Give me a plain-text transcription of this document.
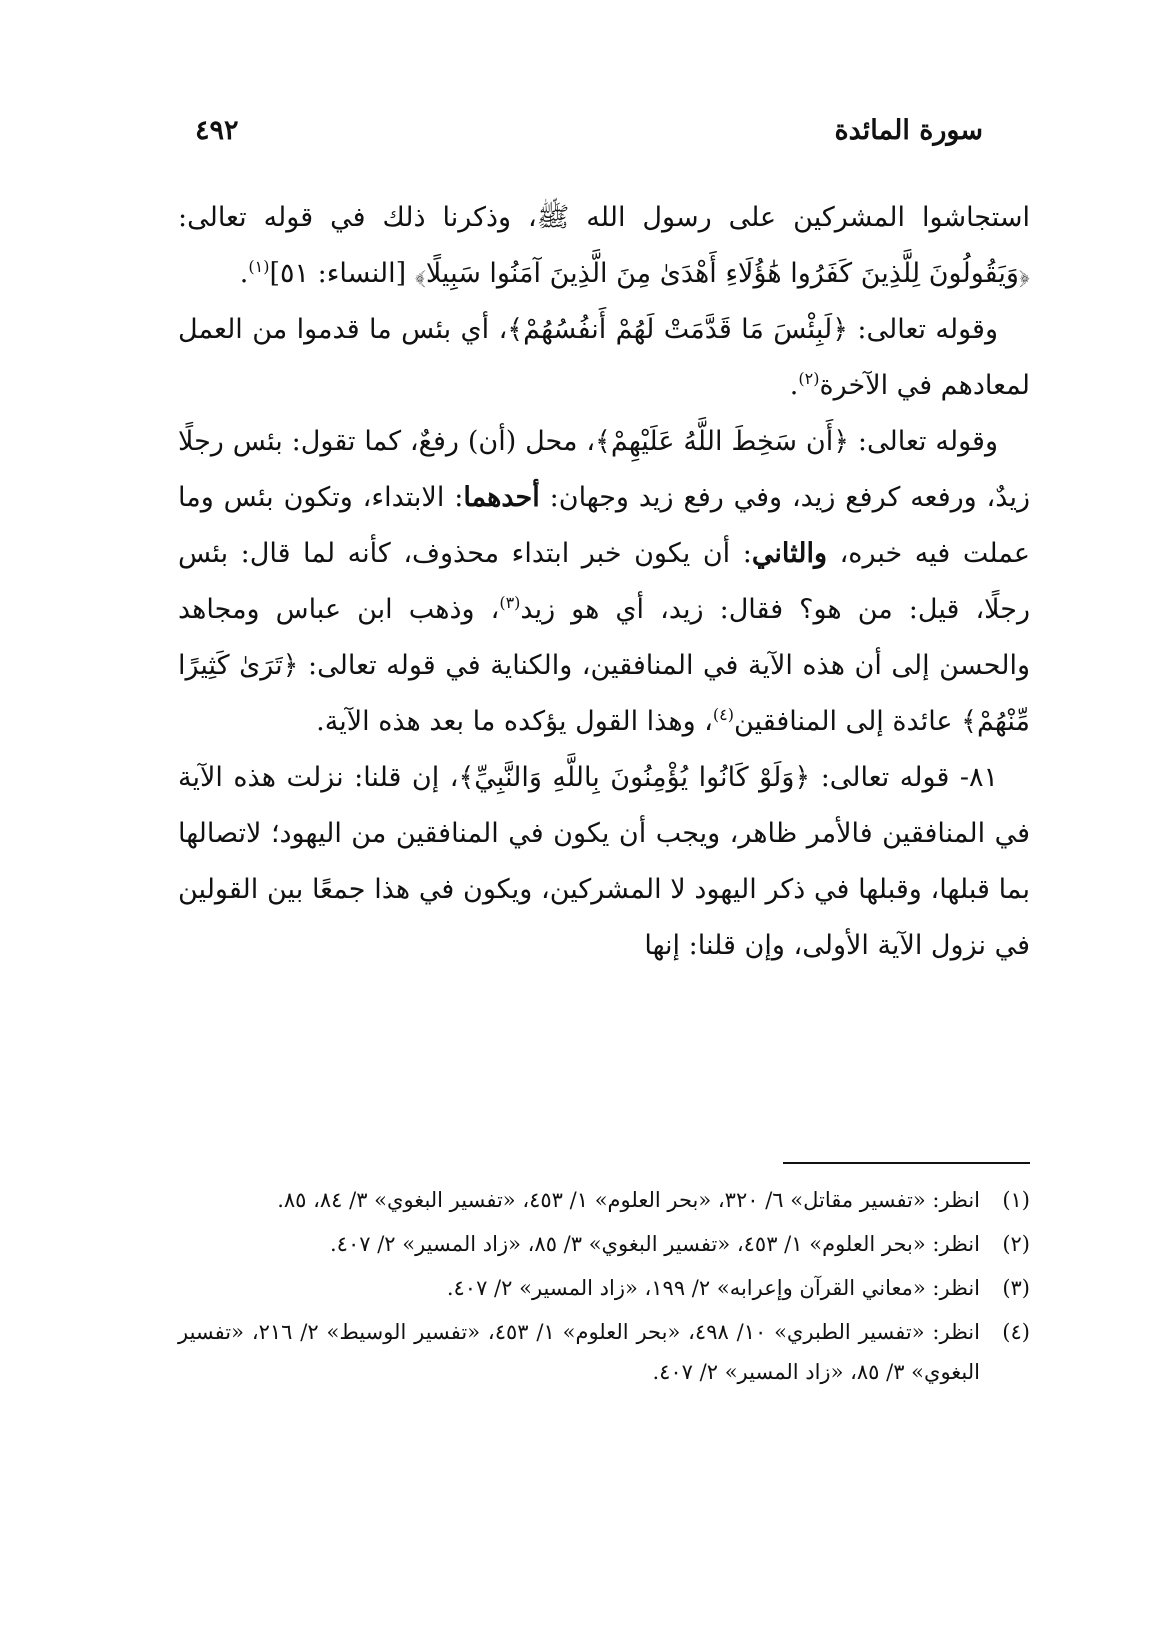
سورة المائدة
٤٩٢

استجاشوا المشركين على رسول الله ﷺ، وذكرنا ذلك في قوله تعالى: ﴿وَيَقُولُونَ لِلَّذِينَ كَفَرُوا هَٰؤُلَاءِ أَهْدَىٰ مِنَ الَّذِينَ آمَنُوا سَبِيلًا﴾ [النساء: ٥١]$^{(١)}$.

وقوله تعالى: ﴿لَبِئْسَ مَا قَدَّمَتْ لَهُمْ أَنفُسُهُمْ﴾، أي بئس ما قدموا من العمل لمعادهم في الآخرة$^{(٢)}$.

وقوله تعالى: ﴿أَن سَخِطَ اللَّهُ عَلَيْهِمْ﴾، محل (أن) رفعٌ، كما تقول: بئس رجلًا زيدٌ، ورفعه كرفع زيد، وفي رفع زيد وجهان: أحدهما: الابتداء، وتكون بئس وما عملت فيه خبره، والثاني: أن يكون خبر ابتداء محذوف، كأنه لما قال: بئس رجلًا، قيل: من هو؟ فقال: زيد، أي هو زيد$^{(٣)}$، وذهب ابن عباس ومجاهد والحسن إلى أن هذه الآية في المنافقين، والكناية في قوله تعالى: ﴿تَرَىٰ كَثِيرًا مِّنْهُمْ﴾ عائدة إلى المنافقين$^{(٤)}$، وهذا القول يؤكده ما بعد هذه الآية.

٨١- قوله تعالى: ﴿وَلَوْ كَانُوا يُؤْمِنُونَ بِاللَّهِ وَالنَّبِيِّ﴾، إن قلنا: نزلت هذه الآية في المنافقين فالأمر ظاهر، ويجب أن يكون في المنافقين من اليهود؛ لاتصالها بما قبلها، وقبلها في ذكر اليهود لا المشركين، ويكون في هذا جمعًا بين القولين في نزول الآية الأولى، وإن قلنا: إنها

(١)انظر: «تفسير مقاتل» ٦/ ٣٢٠، «بحر العلوم» ١/ ٤٥٣، «تفسير البغوي» ٣/ ٨٤، ٨٥.

(٢)انظر: «بحر العلوم» ١/ ٤٥٣، «تفسير البغوي» ٣/ ٨٥، «زاد المسير» ٢/ ٤٠٧.

(٣)انظر: «معاني القرآن وإعرابه» ٢/ ١٩٩، «زاد المسير» ٢/ ٤٠٧.

(٤)انظر: «تفسير الطبري» ١٠/ ٤٩٨، «بحر العلوم» ١/ ٤٥٣، «تفسير الوسيط» ٢/ ٢١٦، «تفسير البغوي» ٣/ ٨٥، «زاد المسير» ٢/ ٤٠٧.
